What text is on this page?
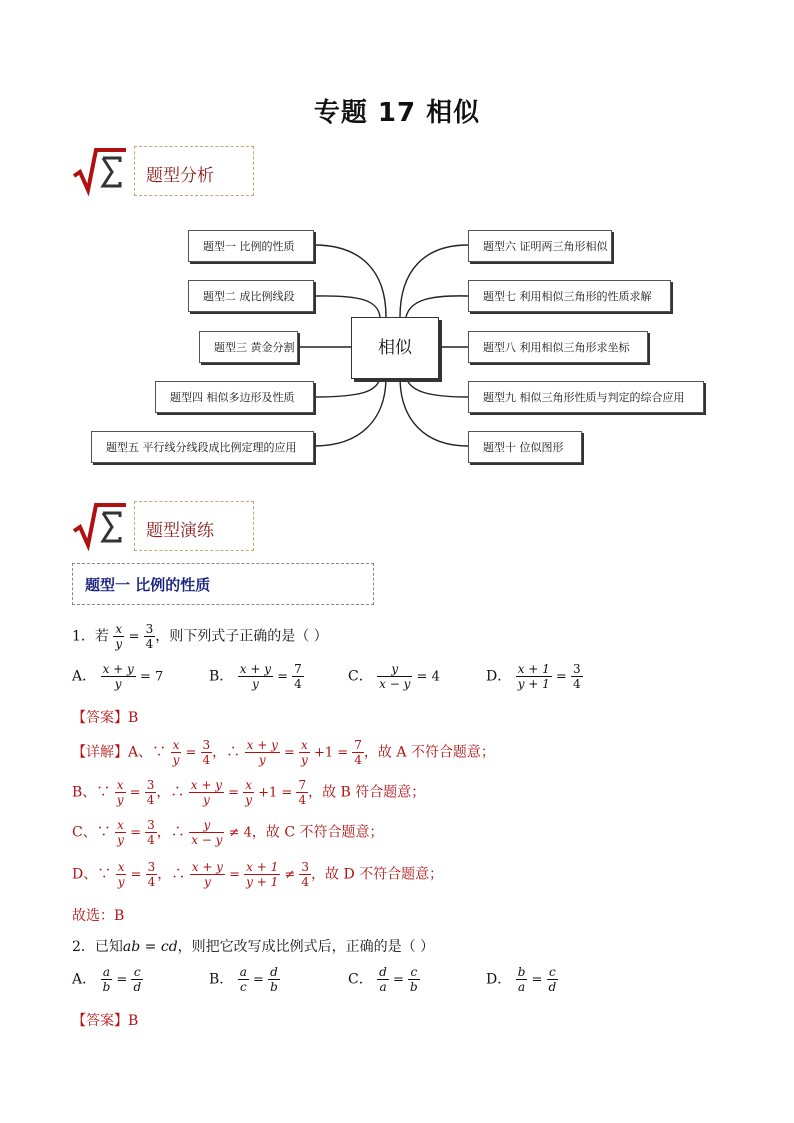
专题 17 相似
题型分析
相似
题型一 比例的性质
题型二 成比例线段
题型三 黄金分割
题型四 相似多边形及性质
题型五 平行线分线段成比例定理的应用
题型六 证明两三角形相似
题型七 利用相似三角形的性质求解
题型八 利用相似三角形求坐标
题型九 相似三角形性质与判定的综合应用
题型十 位似图形
题型演练
题型一 比例的性质
1．若 $\frac{x}{y} = \frac{3}{4}$ ，则下列式子正确的是（ ）
A． $\frac{x + y}{y} = 7$	B． $\frac{x + y}{y} = \frac{7}{4}$	C． $\frac{y}{x - y} = 4$	D． $\frac{x + 1}{y + 1} = \frac{3}{4}$
【答案】B
【详解】A、∵ $\frac{x}{y} = \frac{3}{4}$ ，∴ $\frac{x + y}{y} = \frac{x}{y} +1 = \frac{7}{4}$ ，故 A 不符合题意；
B、∵ $\frac{x}{y} = \frac{3}{4}$ ，∴ $\frac{x + y}{y} = \frac{x}{y} +1 = \frac{7}{4}$ ，故 B 符合题意；
C、∵ $\frac{x}{y} = \frac{3}{4}$ ，∴ $\frac{y}{x - y} \ne 4$，故 C 不符合题意；
D、∵ $\frac{x}{y} = \frac{3}{4}$ ，∴ $\frac{x + y}{y} = \frac{x + 1}{y + 1} \ne \frac{3}{4}$ ，故 D 不符合题意；
故选：B
2．已知ab = cd，则把它改写成比例式后，正确的是（ ）
A． $\frac{a}{b} = \frac{c}{d}$	B． $\frac{a}{c} = \frac{d}{b}$	C． $\frac{d}{a} = \frac{c}{b}$	D． $\frac{b}{a} = \frac{c}{d}$
【答案】B
